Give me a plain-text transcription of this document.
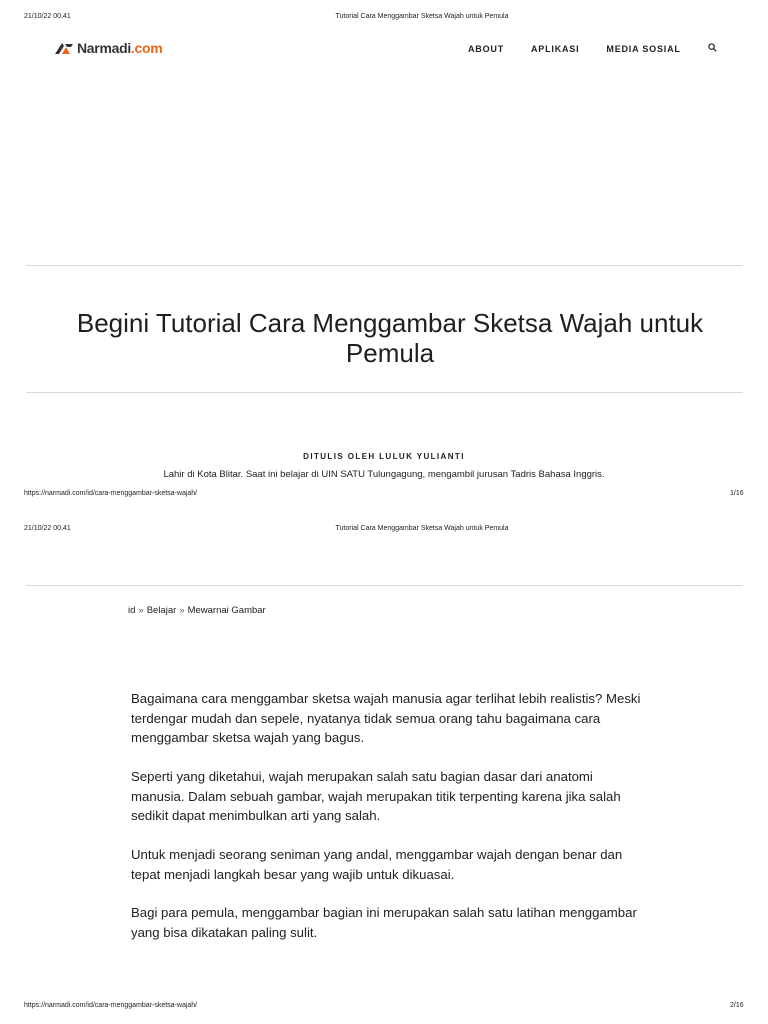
21/10/22 00.41	Tutorial Cara Menggambar Sketsa Wajah untuk Pemula
Narmadi.com	ABOUT	APLIKASI	MEDIA SOSIAL
Begini Tutorial Cara Menggambar Sketsa Wajah untuk Pemula
DITULIS OLEH LULUK YULIANTI
Lahir di Kota Blitar. Saat ini belajar di UIN SATU Tulungagung, mengambil jurusan Tadris Bahasa Inggris.
https://narmadi.com/id/cara-menggambar-sketsa-wajah/	1/16
21/10/22 00.41	Tutorial Cara Menggambar Sketsa Wajah untuk Pemula
id » Belajar » Mewarnai Gambar

Bagaimana cara menggambar sketsa wajah manusia agar terlihat lebih realistis? Meski terdengar mudah dan sepele, nyatanya tidak semua orang tahu bagaimana cara menggambar sketsa wajah yang bagus.

Seperti yang diketahui, wajah merupakan salah satu bagian dasar dari anatomi manusia. Dalam sebuah gambar, wajah merupakan titik terpenting karena jika salah sedikit dapat menimbulkan arti yang salah.

Untuk menjadi seorang seniman yang andal, menggambar wajah dengan benar dan tepat menjadi langkah besar yang wajib untuk dikuasai.

Bagi para pemula, menggambar bagian ini merupakan salah satu latihan menggambar yang bisa dikatakan paling sulit.

https://narmadi.com/id/cara-menggambar-sketsa-wajah/	2/16
